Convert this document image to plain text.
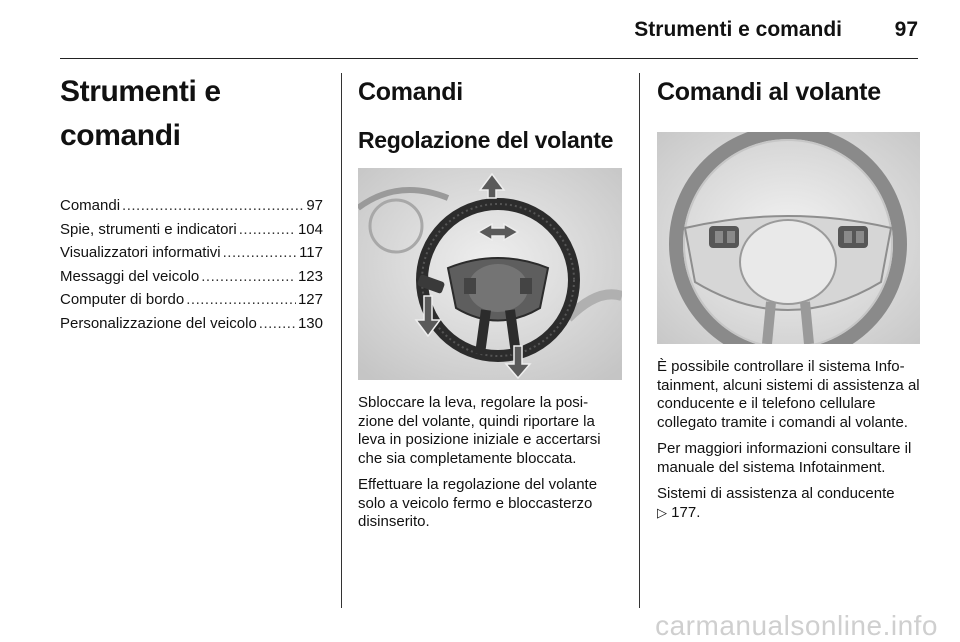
Strumenti e comandi	97
Strumenti e comandi
Comandi .....	97
Spie, strumenti e indicatori .....	104
Visualizzatori informativi .....	117
Messaggi del veicolo .....	123
Computer di bordo .....	127
Personalizzazione del veicolo .....	130
Comandi
Regolazione del volante

Sbloccare la leva, regolare la posi-zione del volante, quindi riportare la leva in posizione iniziale e accertarsi che sia completamente bloccata.

Effettuare la regolazione del volante solo a veicolo fermo e bloccasterzo disinserito.

Comandi al volante

È possibile controllare il sistema Info-tainment, alcuni sistemi di assistenza al conducente e il telefono cellulare collegato tramite i comandi al volante.

Per maggiori informazioni consultare il manuale del sistema Infotainment.

Sistemi di assistenza al conducente
▷ 177.

carmanualsonline.info
